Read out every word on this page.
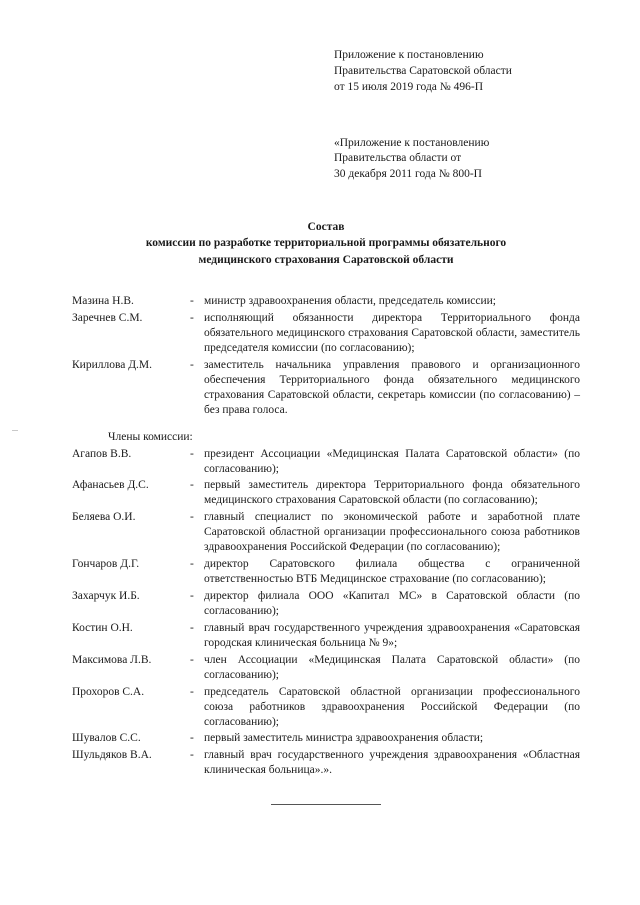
Приложение к постановлению
Правительства Саратовской области
от 15 июля 2019 года № 496-П
«Приложение к постановлению
Правительства области от
30 декабря 2011 года № 800-П
Состав
комиссии по разработке территориальной программы обязательного
медицинского страхования Саратовской области
Мазина Н.В.	- министр здравоохранения области, председатель комиссии;
Заречнев С.М.	- исполняющий обязанности директора Территориального фонда обязательного медицинского страхования Саратовской области, заместитель председателя комиссии (по согласованию);
Кириллова Д.М.	- заместитель начальника управления правового и организационного обеспечения Территориального фонда обязательного медицинского страхования Саратовской области, секретарь комиссии (по согласованию) – без права голоса.
Члены комиссии:
Агапов В.В.	- президент Ассоциации «Медицинская Палата Саратовской области» (по согласованию);
Афанасьев Д.С.	- первый заместитель директора Территориального фонда обязательного медицинского страхования Саратовской области (по согласованию);
Беляева О.И.	- главный специалист по экономической работе и заработной плате Саратовской областной организации профессионального союза работников здравоохранения Российской Федерации (по согласованию);
Гончаров Д.Г.	- директор Саратовского филиала общества с ограниченной ответственностью ВТБ Медицинское страхование (по согласованию);
Захарчук И.Б.	- директор филиала ООО «Капитал МС» в Саратовской области (по согласованию);
Костин О.Н.	- главный врач государственного учреждения здравоохранения «Саратовская городская клиническая больница № 9»;
Максимова Л.В.	- член Ассоциации «Медицинская Палата Саратовской области» (по согласованию);
Прохоров С.А.	- председатель Саратовской областной организации профессионального союза работников здравоохранения Российской Федерации (по согласованию);
Шувалов С.С.	- первый заместитель министра здравоохранения области;
Шульдяков В.А.	- главный врач государственного учреждения здравоохранения «Областная клиническая больница».».
